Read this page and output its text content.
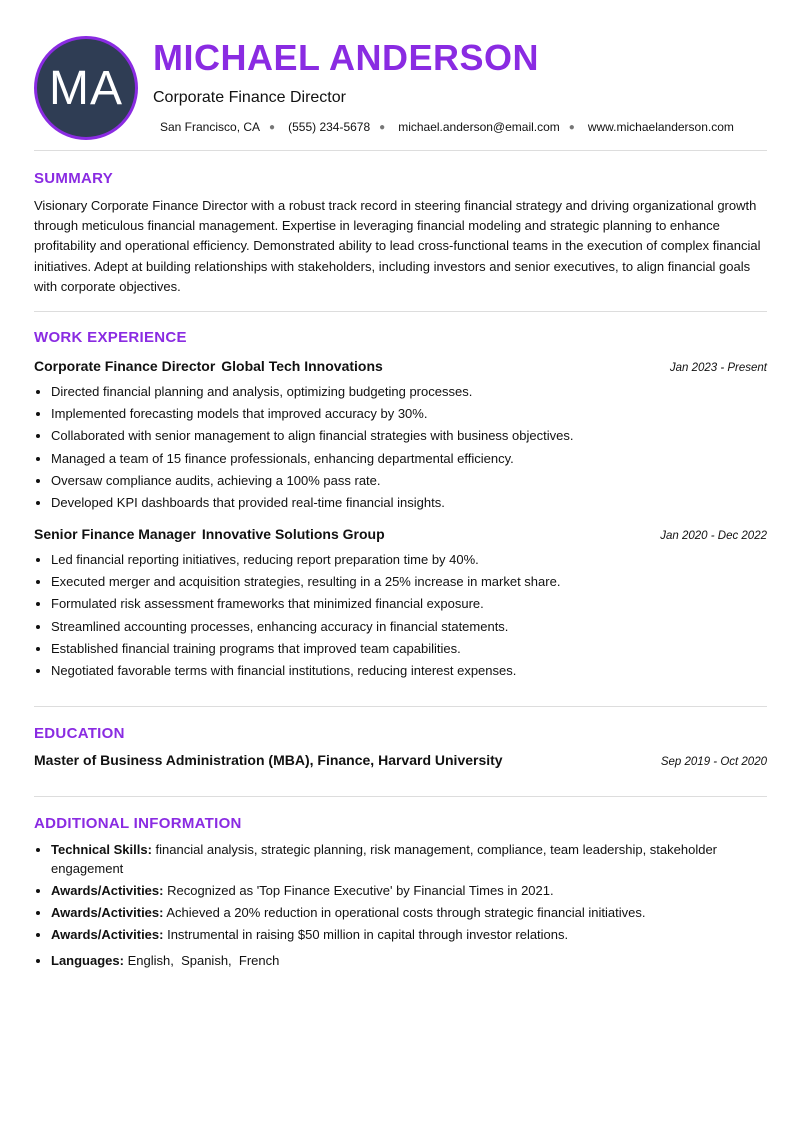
MA
MICHAEL ANDERSON
Corporate Finance Director
San Francisco, CA ● (555) 234-5678 ● michael.anderson@email.com ● www.michaelanderson.com
SUMMARY

Visionary Corporate Finance Director with a robust track record in steering financial strategy and driving organizational growth through meticulous financial management. Expertise in leveraging financial modeling and strategic planning to enhance profitability and operational efficiency. Demonstrated ability to lead cross-functional teams in the execution of complex financial initiatives. Adept at building relationships with stakeholders, including investors and senior executives, to align financial goals with corporate objectives.

WORK EXPERIENCE
Corporate Finance Director Global Tech Innovations	Jan 2023 - Present
• Directed financial planning and analysis, optimizing budgeting processes.
• Implemented forecasting models that improved accuracy by 30%.
• Collaborated with senior management to align financial strategies with business objectives.
• Managed a team of 15 finance professionals, enhancing departmental efficiency.
• Oversaw compliance audits, achieving a 100% pass rate.
• Developed KPI dashboards that provided real-time financial insights.
Senior Finance Manager Innovative Solutions Group	Jan 2020 - Dec 2022
• Led financial reporting initiatives, reducing report preparation time by 40%.
• Executed merger and acquisition strategies, resulting in a 25% increase in market share.
• Formulated risk assessment frameworks that minimized financial exposure.
• Streamlined accounting processes, enhancing accuracy in financial statements.
• Established financial training programs that improved team capabilities.
• Negotiated favorable terms with financial institutions, reducing interest expenses.
EDUCATION
Master of Business Administration (MBA), Finance, Harvard University	Sep 2019 - Oct 2020
ADDITIONAL INFORMATION
• Technical Skills: financial analysis, strategic planning, risk management, compliance, team leadership, stakeholder engagement
• Awards/Activities: Recognized as 'Top Finance Executive' by Financial Times in 2021.
• Awards/Activities: Achieved a 20% reduction in operational costs through strategic financial initiatives.
• Awards/Activities: Instrumental in raising $50 million in capital through investor relations.
• Languages: English,  Spanish,  French
